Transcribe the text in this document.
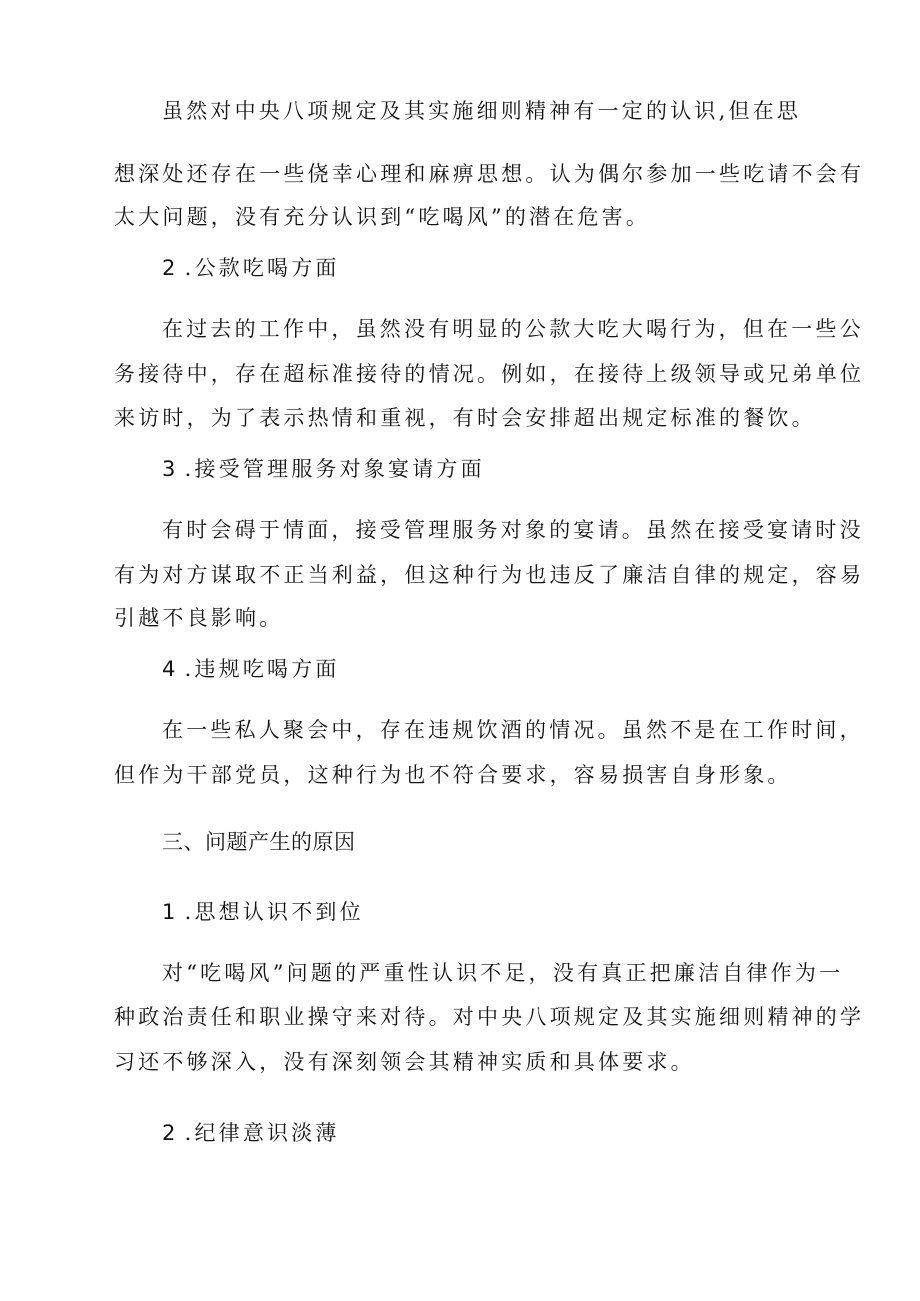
虽然对中央八项规定及其实施细则精神有一定的认识,但在思
想深处还存在一些侥幸心理和麻痹思想。认为偶尔参加一些吃请不会有
太大问题，没有充分认识到“吃喝风”的潜在危害。
2 .公款吃喝方面
在过去的工作中，虽然没有明显的公款大吃大喝行为，但在一些公
务接待中，存在超标准接待的情况。例如，在接待上级领导或兄弟单位
来访时，为了表示热情和重视，有时会安排超出规定标准的餐饮。
3 .接受管理服务对象宴请方面
有时会碍于情面，接受管理服务对象的宴请。虽然在接受宴请时没
有为对方谋取不正当利益，但这种行为也违反了廉洁自律的规定，容易
引越不良影响。
4 .违规吃喝方面
在一些私人聚会中，存在违规饮酒的情况。虽然不是在工作时间，
但作为干部党员，这种行为也不符合要求，容易损害自身形象。
三、问题产生的原因
1 .思想认识不到位
对“吃喝风”问题的严重性认识不足，没有真正把廉洁自律作为一
种政治责任和职业操守来对待。对中央八项规定及其实施细则精神的学
习还不够深入，没有深刻领会其精神实质和具体要求。
2 .纪律意识淡薄
